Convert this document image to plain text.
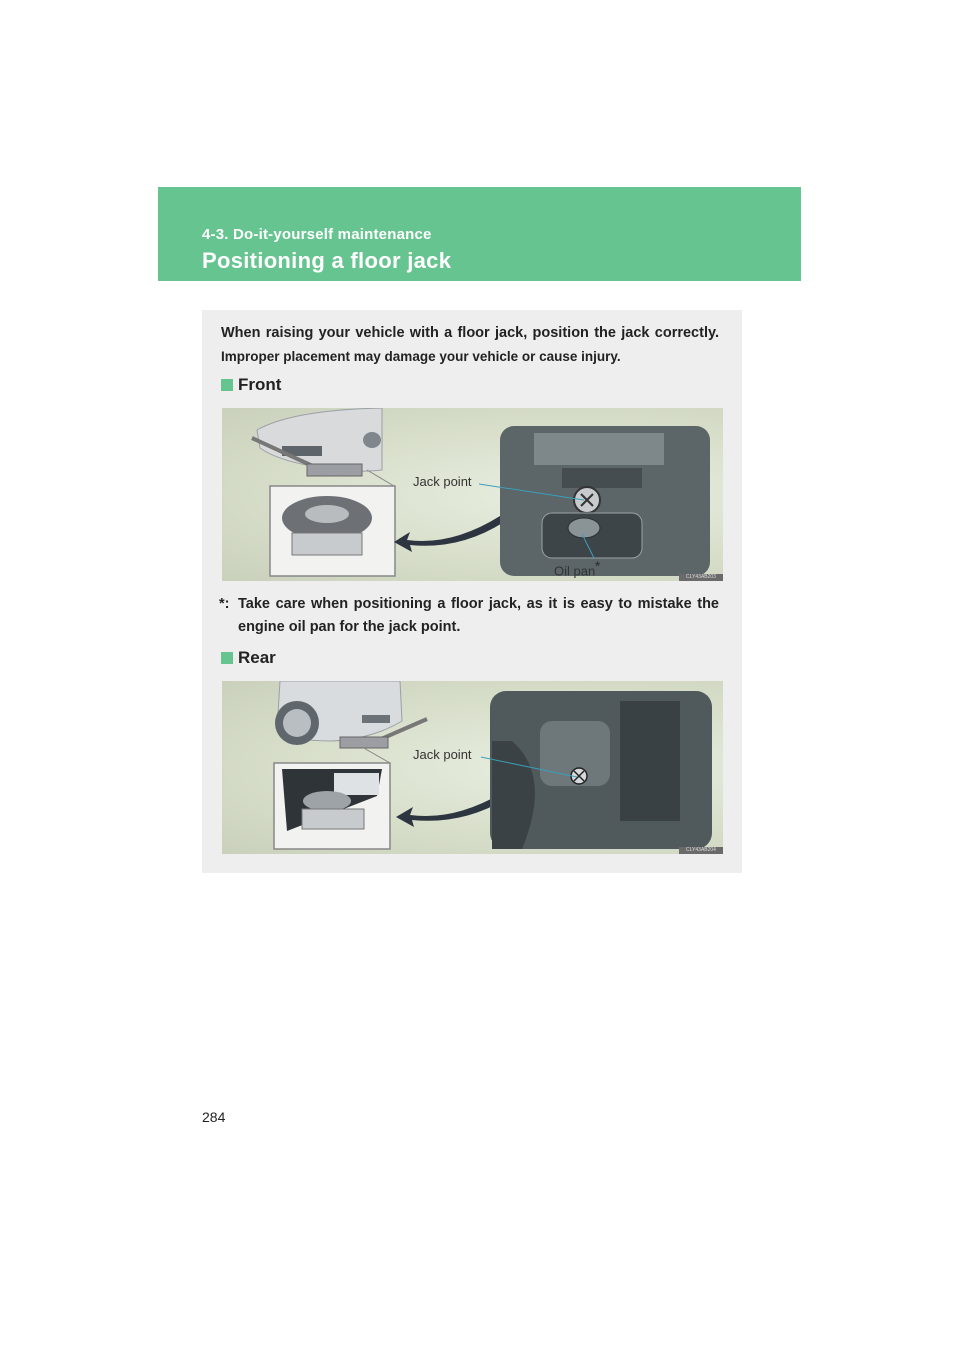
4-3. Do-it-yourself maintenance
Positioning a floor jack
When raising your vehicle with a floor jack, position the jack correctly.
Improper placement may damage your vehicle or cause injury.
Front
Jack point
Oil pan*
CLY43AB203
*: Take care when positioning a floor jack, as it is easy to mistake the
engine oil pan for the jack point.
Rear
Jack point
CLY43AB204
284
